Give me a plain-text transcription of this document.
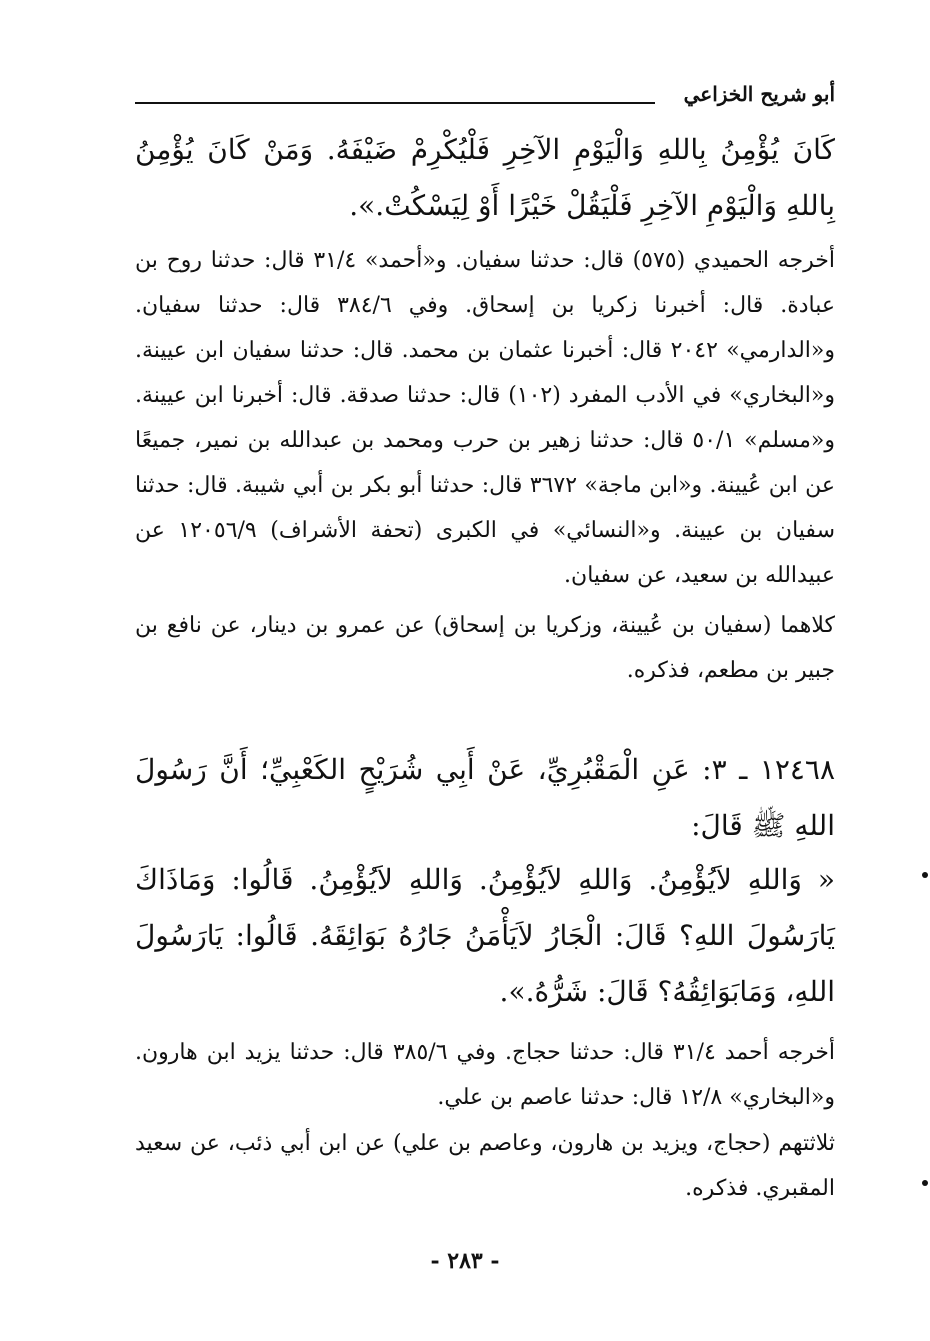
أبو شريح الخزاعي
كَانَ يُؤْمِنُ بِاللهِ وَالْيَوْمِ الآخِرِ فَلْيُكْرِمْ ضَيْفَهُ. وَمَنْ كَانَ يُؤْمِنُ بِاللهِ وَالْيَوْمِ الآخِرِ فَلْيَقُلْ خَيْرًا أَوْ لِيَسْكُتْ.».
أخرجه الحميدي (٥٧٥) قال: حدثنا سفيان. و«أحمد» ٣١/٤ قال: حدثنا روح بن عبادة. قال: أخبرنا زكريا بن إسحاق. وفي ٣٨٤/٦ قال: حدثنا سفيان. و«الدارمي» ٢٠٤٢ قال: أخبرنا عثمان بن محمد. قال: حدثنا سفيان ابن عيينة. و«البخاري» في الأدب المفرد (١٠٢) قال: حدثنا صدقة. قال: أخبرنا ابن عيينة. و«مسلم» ٥٠/١ قال: حدثنا زهير بن حرب ومحمد بن عبدالله بن نمير، جميعًا عن ابن عُيينة. و«ابن ماجة» ٣٦٧٢ قال: حدثنا أبو بكر بن أبي شيبة. قال: حدثنا سفيان بن عيينة. و«النسائي» في الكبرى (تحفة الأشراف) ١٢٠٥٦/٩ عن عبيدالله بن سعيد، عن سفيان.
كلاهما (سفيان بن عُيينة، وزكريا بن إسحاق) عن عمرو بن دينار، عن نافع بن جبير بن مطعم، فذكره.
١٢٤٦٨ ـ ٣: عَنِ الْمَقْبُرِيِّ، عَنْ أَبِي شُرَيْحٍ الكَعْبِيِّ؛ أَنَّ رَسُولَ اللهِ ﷺ قَالَ:
« وَاللهِ لاَيُؤْمِنُ. وَاللهِ لاَيُؤْمِنُ. وَاللهِ لاَيُؤْمِنُ. قَالُوا: وَمَاذَاكَ يَارَسُولَ اللهِ؟ قَالَ: الْجَارُ لاَيَأْمَنُ جَارُهُ بَوَائِقَهُ. قَالُوا: يَارَسُولَ اللهِ، وَمَابَوَائِقُهُ؟ قَالَ: شَرُّهُ.».
أخرجه أحمد ٣١/٤ قال: حدثنا حجاج. وفي ٣٨٥/٦ قال: حدثنا يزيد ابن هارون. و«البخاري» ١٢/٨ قال: حدثنا عاصم بن علي.
ثلاثتهم (حجاج، ويزيد بن هارون، وعاصم بن علي) عن ابن أبي ذئب، عن سعيد المقبري. فذكره.
- ٢٨٣ -
